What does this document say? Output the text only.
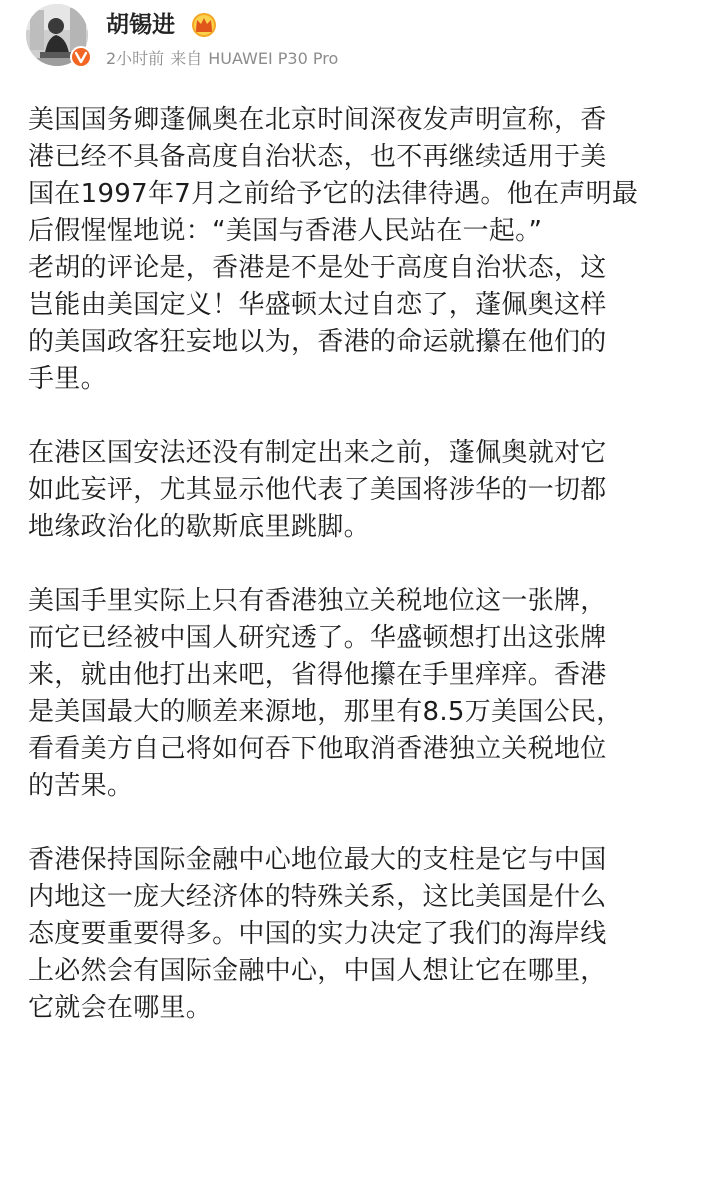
胡锡进
2小时前 来自 HUAWEI P30 Pro

美国国务卿蓬佩奥在北京时间深夜发声明宣称，香
港已经不具备高度自治状态，也不再继续适用于美
国在1997年7月之前给予它的法律待遇。他在声明最
后假惺惺地说：“美国与香港人民站在一起。”
老胡的评论是，香港是不是处于高度自治状态，这
岂能由美国定义！华盛顿太过自恋了，蓬佩奥这样
的美国政客狂妄地以为，香港的命运就攥在他们的
手里。

在港区国安法还没有制定出来之前，蓬佩奥就对它
如此妄评，尤其显示他代表了美国将涉华的一切都
地缘政治化的歇斯底里跳脚。

美国手里实际上只有香港独立关税地位这一张牌，
而它已经被中国人研究透了。华盛顿想打出这张牌
来，就由他打出来吧，省得他攥在手里痒痒。香港
是美国最大的顺差来源地，那里有8.5万美国公民，
看看美方自己将如何吞下他取消香港独立关税地位
的苦果。

香港保持国际金融中心地位最大的支柱是它与中国
内地这一庞大经济体的特殊关系，这比美国是什么
态度要重要得多。中国的实力决定了我们的海岸线
上必然会有国际金融中心，中国人想让它在哪里，
它就会在哪里。
